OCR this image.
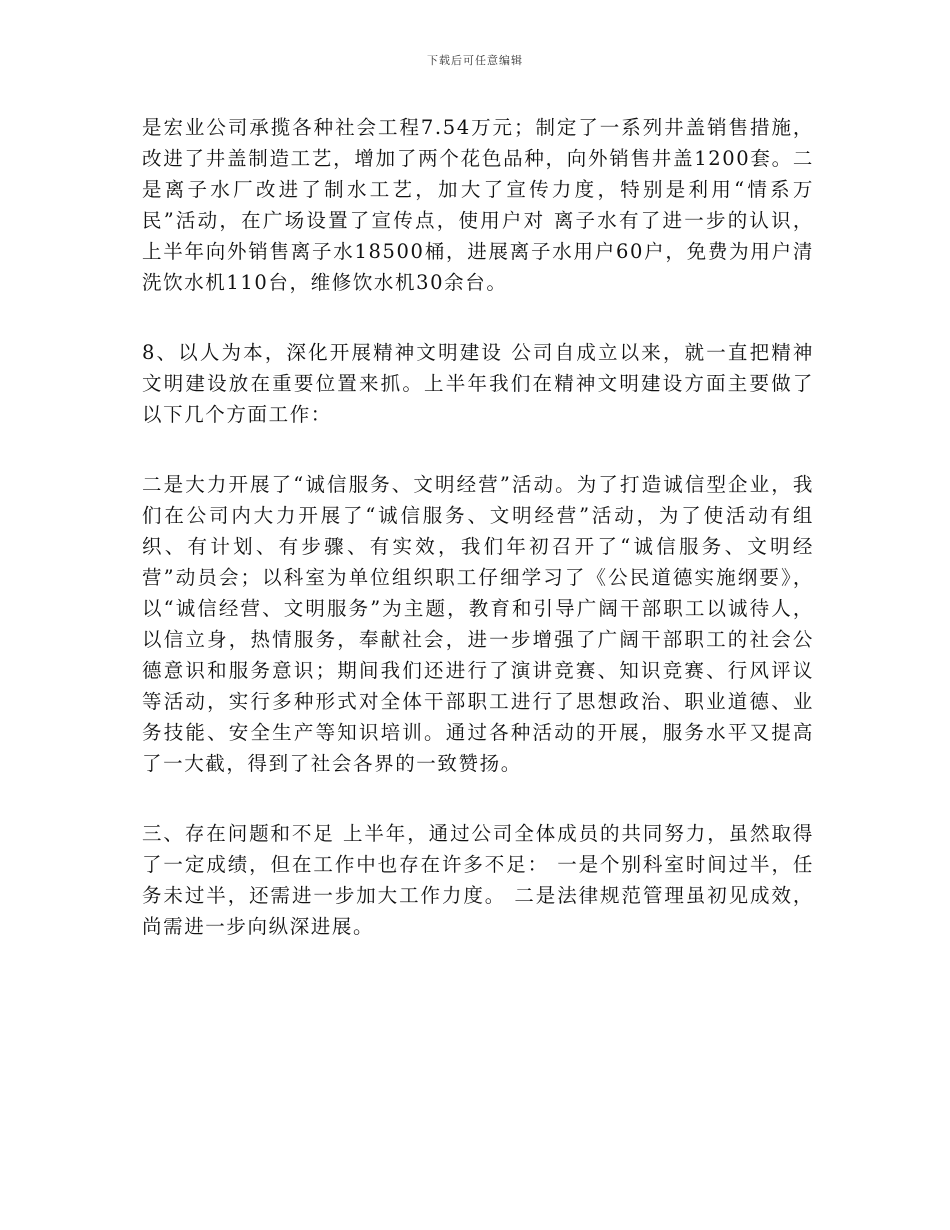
下载后可任意编辑

是宏业公司承揽各种社会工程7.54万元；制定了一系列井盖销售措施，改进了井盖制造工艺，增加了两个花色品种，向外销售井盖1200套。二是离子水厂改进了制水工艺，加大了宣传力度，特别是利用“情系万民”活动，在广场设置了宣传点，使用户对 离子水有了进一步的认识，上半年向外销售离子水18500桶，进展离子水用户60户，免费为用户清洗饮水机110台，维修饮水机30余台。

8、以人为本，深化开展精神文明建设 公司自成立以来，就一直把精神文明建设放在重要位置来抓。上半年我们在精神文明建设方面主要做了以下几个方面工作：

二是大力开展了“诚信服务、文明经营”活动。为了打造诚信型企业，我们在公司内大力开展了“诚信服务、文明经营”活动，为了使活动有组织、有计划、有步骤、有实效，我们年初召开了“诚信服务、文明经营”动员会；以科室为单位组织职工仔细学习了《公民道德实施纲要》，以“诚信经营、文明服务”为主题，教育和引导广阔干部职工以诚待人，以信立身，热情服务，奉献社会，进一步增强了广阔干部职工的社会公德意识和服务意识；期间我们还进行了演讲竞赛、知识竞赛、行风评议等活动，实行多种形式对全体干部职工进行了思想政治、职业道德、业务技能、安全生产等知识培训。通过各种活动的开展，服务水平又提高了一大截，得到了社会各界的一致赞扬。

三、存在问题和不足 上半年，通过公司全体成员的共同努力，虽然取得了一定成绩，但在工作中也存在许多不足： 一是个别科室时间过半，任务未过半，还需进一步加大工作力度。 二是法律规范管理虽初见成效，尚需进一步向纵深进展。
